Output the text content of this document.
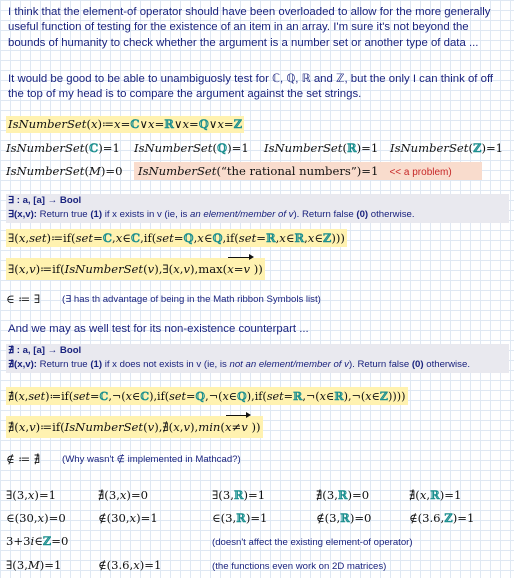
I think that the element-of operator should have been overloaded to allow for the more generally useful function of testing for the existence of an item in an array. I'm sure it's not beyond the bounds of humanity to check whether the argument is a number set or another type of data ...
It would be good to be able to unambiguosly test for ℂ, ℚ, ℝ and ℤ, but the only I can think of off the top of my head is to compare the argument against the set strings.
IsNumberSet(x)≔x=ℂ∨x=ℝ∨x=ℚ∨x=ℤ
IsNumberSet(ℂ)=1 IsNumberSet(ℚ)=1 IsNumberSet(ℝ)=1 IsNumberSet(ℤ)=1
IsNumberSet(M)=0	IsNumberSet(“the rational numbers”)=1   << a problem)
∃ : a, [a] → Bool
∃(x,v): Return true (1) if x exists in v (ie, is an element/member of v). Return false (0) otherwise.
∃(x,set)≔if(set=ℂ,x∈ℂ,if(set=ℚ,x∈ℚ,if(set=ℝ,x∈ℝ,x∈ℤ)))
∃(x,v)≔if(IsNumberSet(v),∃(x,v),max(x=v ))
∈ ≔ ∃ (∃ has th advantage of being in the Math ribbon Symbols list)
And we may as well test for its non-existence counterpart ...
∄ : a, [a] → Bool
∄(x,v): Return true (1) if x does not exists in v (ie, is not an element/member of v). Return false (0) otherwise.
∄(x,set)≔if(set=ℂ,¬(x∈ℂ),if(set=ℚ,¬(x∈ℚ),if(set=ℝ,¬(x∈ℝ),¬(x∈ℤ))))
∄(x,v)≔if(IsNumberSet(v),∄(x,v),min(x≠v ))
∉ ≔ ∄ (Why wasn't ∉ implemented in Mathcad?)
∃(3,x)=1	∄(3,x)=0	∃(3,ℝ)=1	∄(3,ℝ)=0	∄(x,ℝ)=1
∈(30,x)=0	∉(30,x)=1	∈(3,ℝ)=1	∉(3,ℝ)=0	∉(3.6,ℤ)=1
3+3i∈ℤ=0	(doesn't affect the existing element-of operator)
∃(3,M)=1	∉(3.6,x)=1	(the functions even work on 2D matrices)
